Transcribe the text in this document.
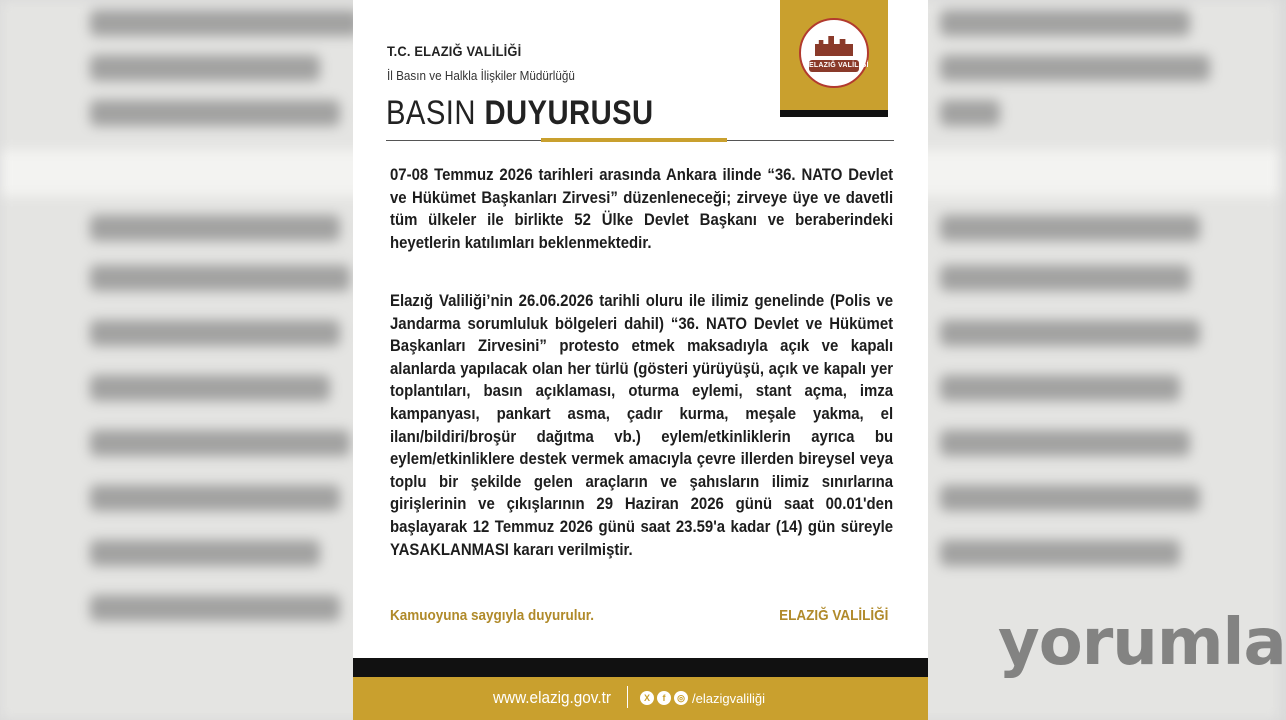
T.C. ELAZIĞ VALİLİĞİ
İl Basın ve Halkla İlişkiler Müdürlüğü
BASIN DUYURUSU
ELAZIĞ VALİLİĞİ
07-08 Temmuz 2026 tarihleri arasında Ankara ilinde “36. NATO Devlet ve Hükümet Başkanları Zirvesi” düzenleneceği; zirveye üye ve davetli tüm ülkeler ile birlikte 52 Ülke Devlet Başkanı ve beraberindeki heyetlerin katılımları beklenmektedir.
Elazığ Valiliği’nin 26.06.2026 tarihli oluru ile ilimiz genelinde (Polis ve Jandarma sorumluluk bölgeleri dahil) “36. NATO Devlet ve Hükümet Başkanları Zirvesini” protesto etmek maksadıyla açık ve kapalı alanlarda yapılacak olan her türlü (gösteri yürüyüşü, açık ve kapalı yer toplantıları, basın açıklaması, oturma eylemi, stant açma, imza kampanyası, pankart asma, çadır kurma, meşale yakma, el ilanı/bildiri/broşür dağıtma vb.) eylem/etkinliklerin ayrıca bu eylem/etkinliklere destek vermek amacıyla çevre illerden bireysel veya toplu bir şekilde gelen araçların ve şahısların ilimiz sınırlarına girişlerinin ve çıkışlarının 29 Haziran 2026 günü saat 00.01'den başlayarak 12 Temmuz 2026 günü saat 23.59'a kadar (14) gün süreyle YASAKLANMASI kararı verilmiştir.
Kamuoyuna saygıyla duyurulur.	ELAZIĞ VALİLİĞİ
www.elazig.gov.tr	X	f	◎ /elazigvaliliği
yorumla
